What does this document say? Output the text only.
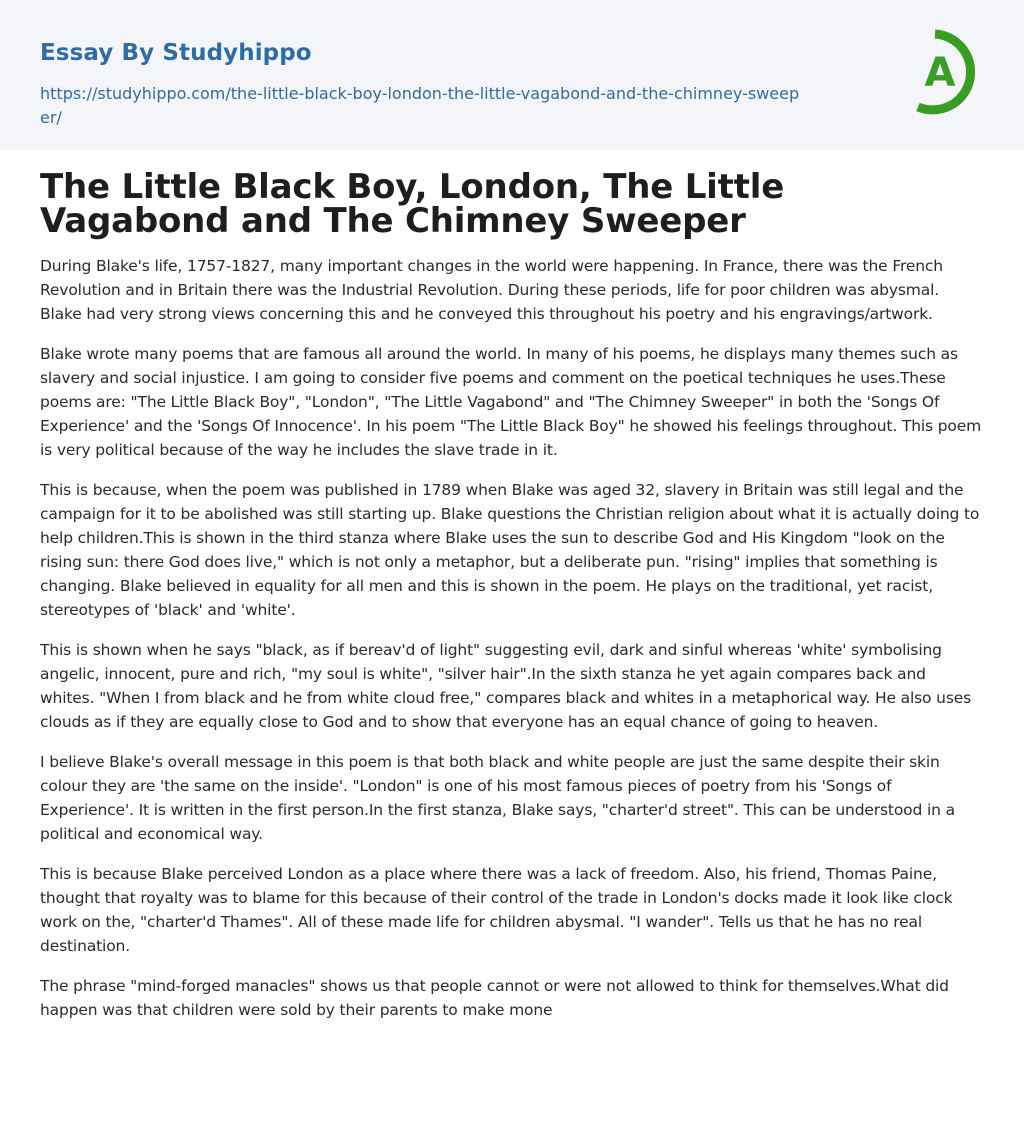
Essay By Studyhippo
https://studyhippo.com/the-little-black-boy-london-the-little-vagabond-and-the-chimney-sweeper/
A
The Little Black Boy, London, The Little Vagabond and The Chimney Sweeper

During Blake's life, 1757-1827, many important changes in the world were happening. In France, there was the French Revolution and in Britain there was the Industrial Revolution. During these periods, life for poor children was abysmal. Blake had very strong views concerning this and he conveyed this throughout his poetry and his engravings/artwork.

Blake wrote many poems that are famous all around the world. In many of his poems, he displays many themes such as slavery and social injustice. I am going to consider five poems and comment on the poetical techniques he uses.These poems are: "The Little Black Boy", "London", "The Little Vagabond" and "The Chimney Sweeper" in both the 'Songs Of Experience' and the 'Songs Of Innocence'. In his poem "The Little Black Boy" he showed his feelings throughout. This poem is very political because of the way he includes the slave trade in it.

This is because, when the poem was published in 1789 when Blake was aged 32, slavery in Britain was still legal and the campaign for it to be abolished was still starting up. Blake questions the Christian religion about what it is actually doing to help children.This is shown in the third stanza where Blake uses the sun to describe God and His Kingdom "look on the rising sun: there God does live," which is not only a metaphor, but a deliberate pun. "rising" implies that something is changing. Blake believed in equality for all men and this is shown in the poem. He plays on the traditional, yet racist, stereotypes of 'black' and 'white'.

This is shown when he says "black, as if bereav'd of light" suggesting evil, dark and sinful whereas 'white' symbolising angelic, innocent, pure and rich, "my soul is white", "silver hair".In the sixth stanza he yet again compares back and whites. "When I from black and he from white cloud free," compares black and whites in a metaphorical way. He also uses clouds as if they are equally close to God and to show that everyone has an equal chance of going to heaven.

I believe Blake's overall message in this poem is that both black and white people are just the same despite their skin colour they are 'the same on the inside'. "London" is one of his most famous pieces of poetry from his 'Songs of Experience'. It is written in the first person.In the first stanza, Blake says, "charter'd street". This can be understood in a political and economical way.

This is because Blake perceived London as a place where there was a lack of freedom. Also, his friend, Thomas Paine, thought that royalty was to blame for this because of their control of the trade in London's docks made it look like clock work on the, "charter'd Thames". All of these made life for children abysmal. "I wander". Tells us that he has no real destination.

The phrase "mind-forged manacles" shows us that people cannot or were not allowed to think for themselves.What did happen was that children were sold by their parents to make mone
